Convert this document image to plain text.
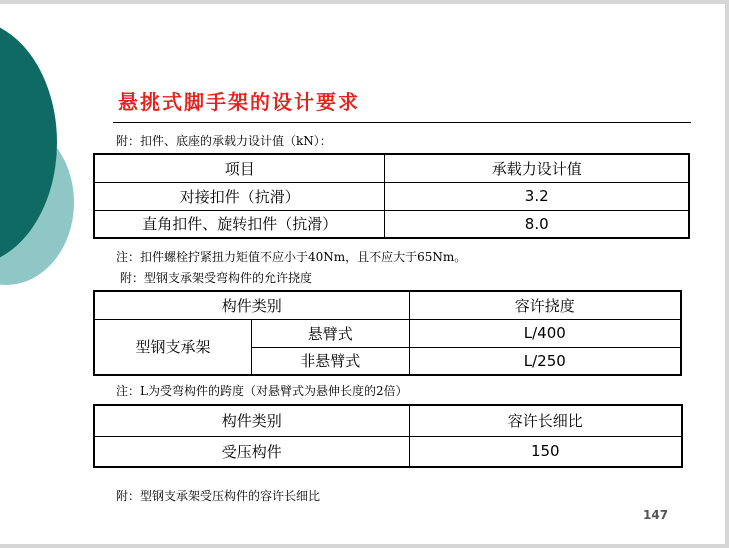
悬挑式脚手架的设计要求
附：扣件、底座的承载力设计值（kN）：
项目	承载力设计值
对接扣件（抗滑）	3.2
直角扣件、旋转扣件（抗滑）	8.0
注：扣件螺栓拧紧扭力矩值不应小于40Nm，且不应大于65Nm。
附：型钢支承架受弯构件的允许挠度
构件类别		容许挠度
型钢支承架	悬臂式	L/400
	非悬臂式	L/250
注：L为受弯构件的跨度（对悬臂式为悬伸长度的2倍）
构件类别	容许长细比
受压构件	150
附：型钢支承架受压构件的容许长细比
147
